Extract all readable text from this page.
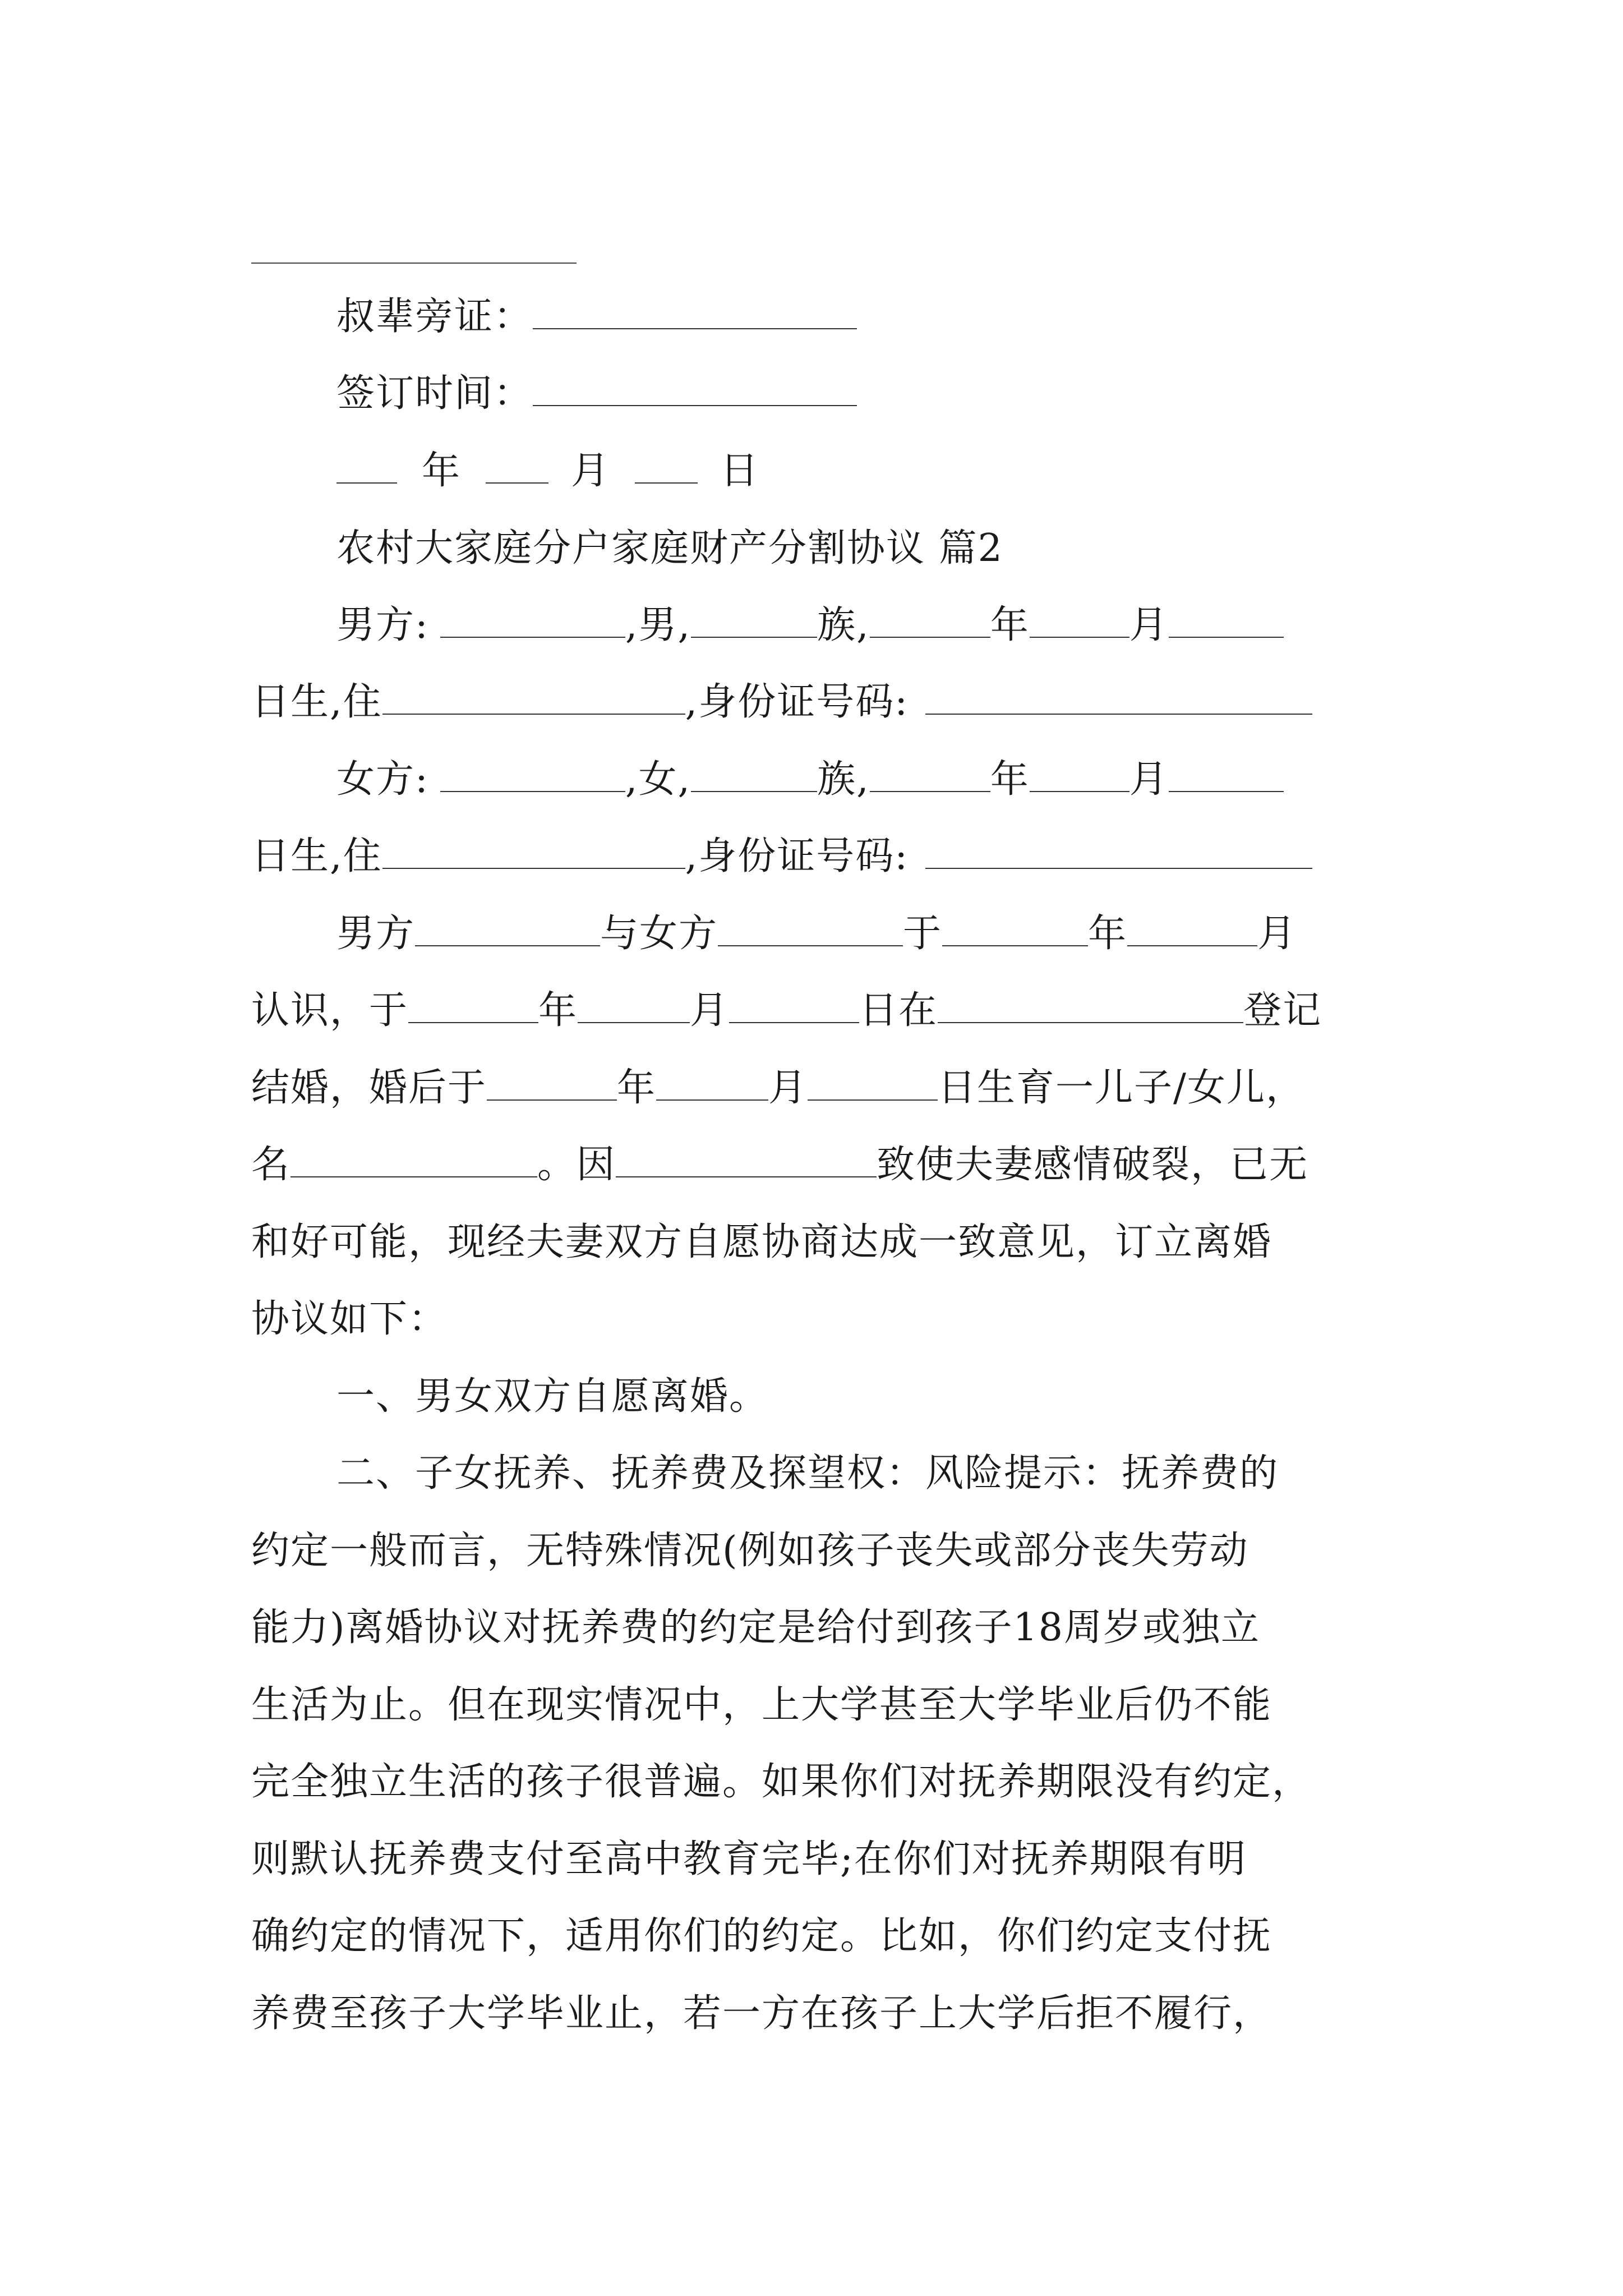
叔辈旁证：
签订时间：
年	月	日
农村大家庭分户家庭财产分割协议 篇2
男方:	,男,	族,	年	月
日生,住	,身份证号码:
女方:	,女,	族,	年	月
日生,住	,身份证号码:
男方	与女方	于	年	月
认识，于	年	月	日在	登记
结婚，婚后于	年	月	日生育一儿子/女儿，
名	。因	致使夫妻感情破裂，已无
和好可能，现经夫妻双方自愿协商达成一致意见，订立离婚
协议如下：
一、男女双方自愿离婚。
二、子女抚养、抚养费及探望权：风险提示：抚养费的
约定一般而言，无特殊情况(例如孩子丧失或部分丧失劳动
能力)离婚协议对抚养费的约定是给付到孩子18周岁或独立
生活为止。但在现实情况中，上大学甚至大学毕业后仍不能
完全独立生活的孩子很普遍。如果你们对抚养期限没有约定，
则默认抚养费支付至高中教育完毕;在你们对抚养期限有明
确约定的情况下，适用你们的约定。比如，你们约定支付抚
养费至孩子大学毕业止，若一方在孩子上大学后拒不履行，
